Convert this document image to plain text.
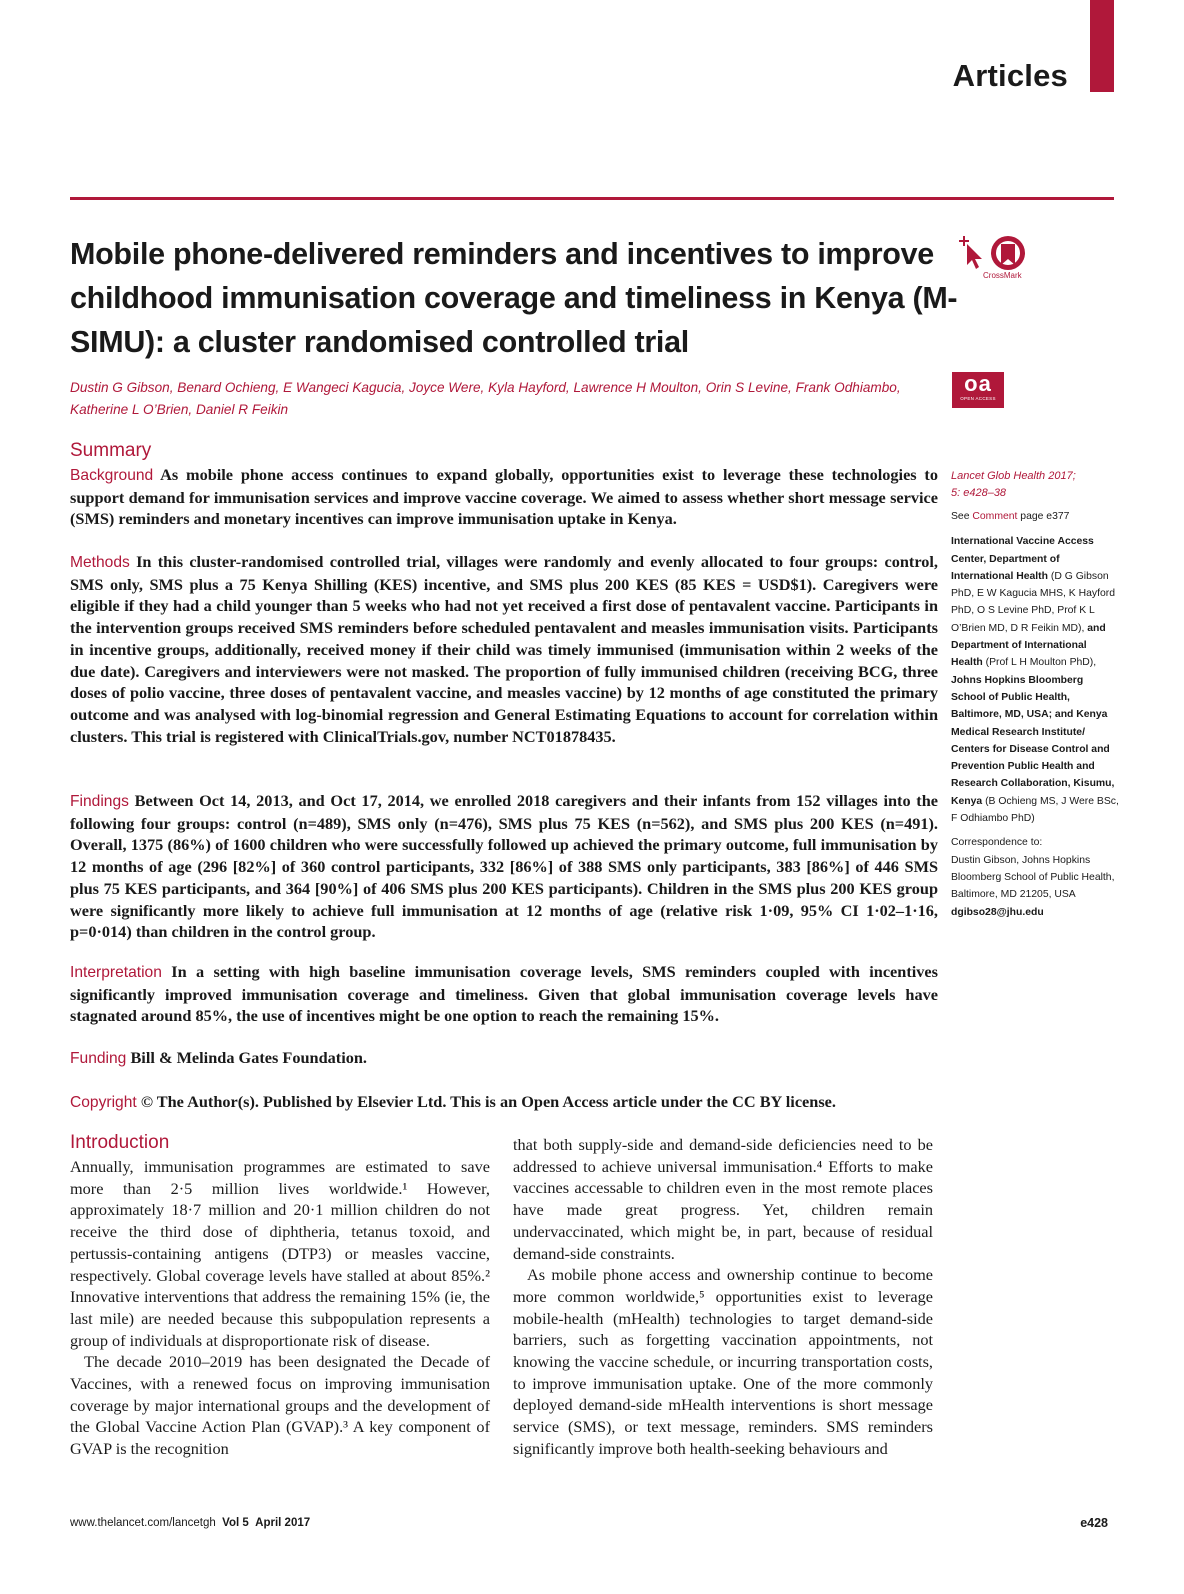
Articles
Mobile phone-delivered reminders and incentives to improve childhood immunisation coverage and timeliness in Kenya (M-SIMU): a cluster randomised controlled trial
Dustin G Gibson, Benard Ochieng, E Wangeci Kagucia, Joyce Were, Kyla Hayford, Lawrence H Moulton, Orin S Levine, Frank Odhiambo, Katherine L O’Brien, Daniel R Feikin
CrossMark
oa
OPEN ACCESS
Summary

Background As mobile phone access continues to expand globally, opportunities exist to leverage these technologies to support demand for immunisation services and improve vaccine coverage. We aimed to assess whether short message service (SMS) reminders and monetary incentives can improve immunisation uptake in Kenya.

Methods In this cluster-randomised controlled trial, villages were randomly and evenly allocated to four groups: control, SMS only, SMS plus a 75 Kenya Shilling (KES) incentive, and SMS plus 200 KES (85 KES = USD$1). Caregivers were eligible if they had a child younger than 5 weeks who had not yet received a first dose of pentavalent vaccine. Participants in the intervention groups received SMS reminders before scheduled pentavalent and measles immunisation visits. Participants in incentive groups, additionally, received money if their child was timely immunised (immunisation within 2 weeks of the due date). Caregivers and interviewers were not masked. The proportion of fully immunised children (receiving BCG, three doses of polio vaccine, three doses of pentavalent vaccine, and measles vaccine) by 12 months of age constituted the primary outcome and was analysed with log-binomial regression and General Estimating Equations to account for correlation within clusters. This trial is registered with ClinicalTrials.gov, number NCT01878435.

Findings Between Oct 14, 2013, and Oct 17, 2014, we enrolled 2018 caregivers and their infants from 152 villages into the following four groups: control (n=489), SMS only (n=476), SMS plus 75 KES (n=562), and SMS plus 200 KES (n=491). Overall, 1375 (86%) of 1600 children who were successfully followed up achieved the primary outcome, full immunisation by 12 months of age (296 [82%] of 360 control participants, 332 [86%] of 388 SMS only participants, 383 [86%] of 446 SMS plus 75 KES participants, and 364 [90%] of 406 SMS plus 200 KES participants). Children in the SMS plus 200 KES group were significantly more likely to achieve full immunisation at 12 months of age (relative risk 1·09, 95% CI 1·02–1·16, p=0·014) than children in the control group.

Interpretation In a setting with high baseline immunisation coverage levels, SMS reminders coupled with incentives significantly improved immunisation coverage and timeliness. Given that global immunisation coverage levels have stagnated around 85%, the use of incentives might be one option to reach the remaining 15%.

Funding Bill & Melinda Gates Foundation.

Copyright © The Author(s). Published by Elsevier Ltd. This is an Open Access article under the CC BY license.

Lancet Glob Health 2017;
5: e428–38

See Comment page e377

International Vaccine Access Center, Department of International Health (D G Gibson PhD, E W Kagucia MHS, K Hayford PhD, O S Levine PhD, Prof K L O’Brien MD, D R Feikin MD), and Department of International Health (Prof L H Moulton PhD), Johns Hopkins Bloomberg School of Public Health, Baltimore, MD, USA; and Kenya Medical Research Institute/ Centers for Disease Control and Prevention Public Health and Research Collaboration, Kisumu, Kenya (B Ochieng MS, J Were BSc, F Odhiambo PhD)

Correspondence to:
Dustin Gibson, Johns Hopkins Bloomberg School of Public Health, Baltimore, MD 21205, USA
dgibso28@jhu.edu

Introduction

Annually, immunisation programmes are estimated to save more than 2·5 million lives worldwide.¹ However, approximately 18·7 million and 20·1 million children do not receive the third dose of diphtheria, tetanus toxoid, and pertussis-containing antigens (DTP3) or measles vaccine, respectively. Global coverage levels have stalled at about 85%.² Innovative interventions that address the remaining 15% (ie, the last mile) are needed because this subpopulation represents a group of individuals at disproportionate risk of disease.

The decade 2010–2019 has been designated the Decade of Vaccines, with a renewed focus on improving immunisation coverage by major international groups and the development of the Global Vaccine Action Plan (GVAP).³ A key component of GVAP is the recognition

that both supply-side and demand-side deficiencies need to be addressed to achieve universal immunisation.⁴ Efforts to make vaccines accessable to children even in the most remote places have made great progress. Yet, children remain undervaccinated, which might be, in part, because of residual demand-side constraints.

As mobile phone access and ownership continue to become more common worldwide,⁵ opportunities exist to leverage mobile-health (mHealth) technologies to target demand-side barriers, such as forgetting vaccination appointments, not knowing the vaccine schedule, or incurring transportation costs, to improve immunisation uptake. One of the more commonly deployed demand-side mHealth interventions is short message service (SMS), or text message, reminders. SMS reminders significantly improve both health-seeking behaviours and

www.thelancet.com/lancetgh Vol 5 April 2017	e428
